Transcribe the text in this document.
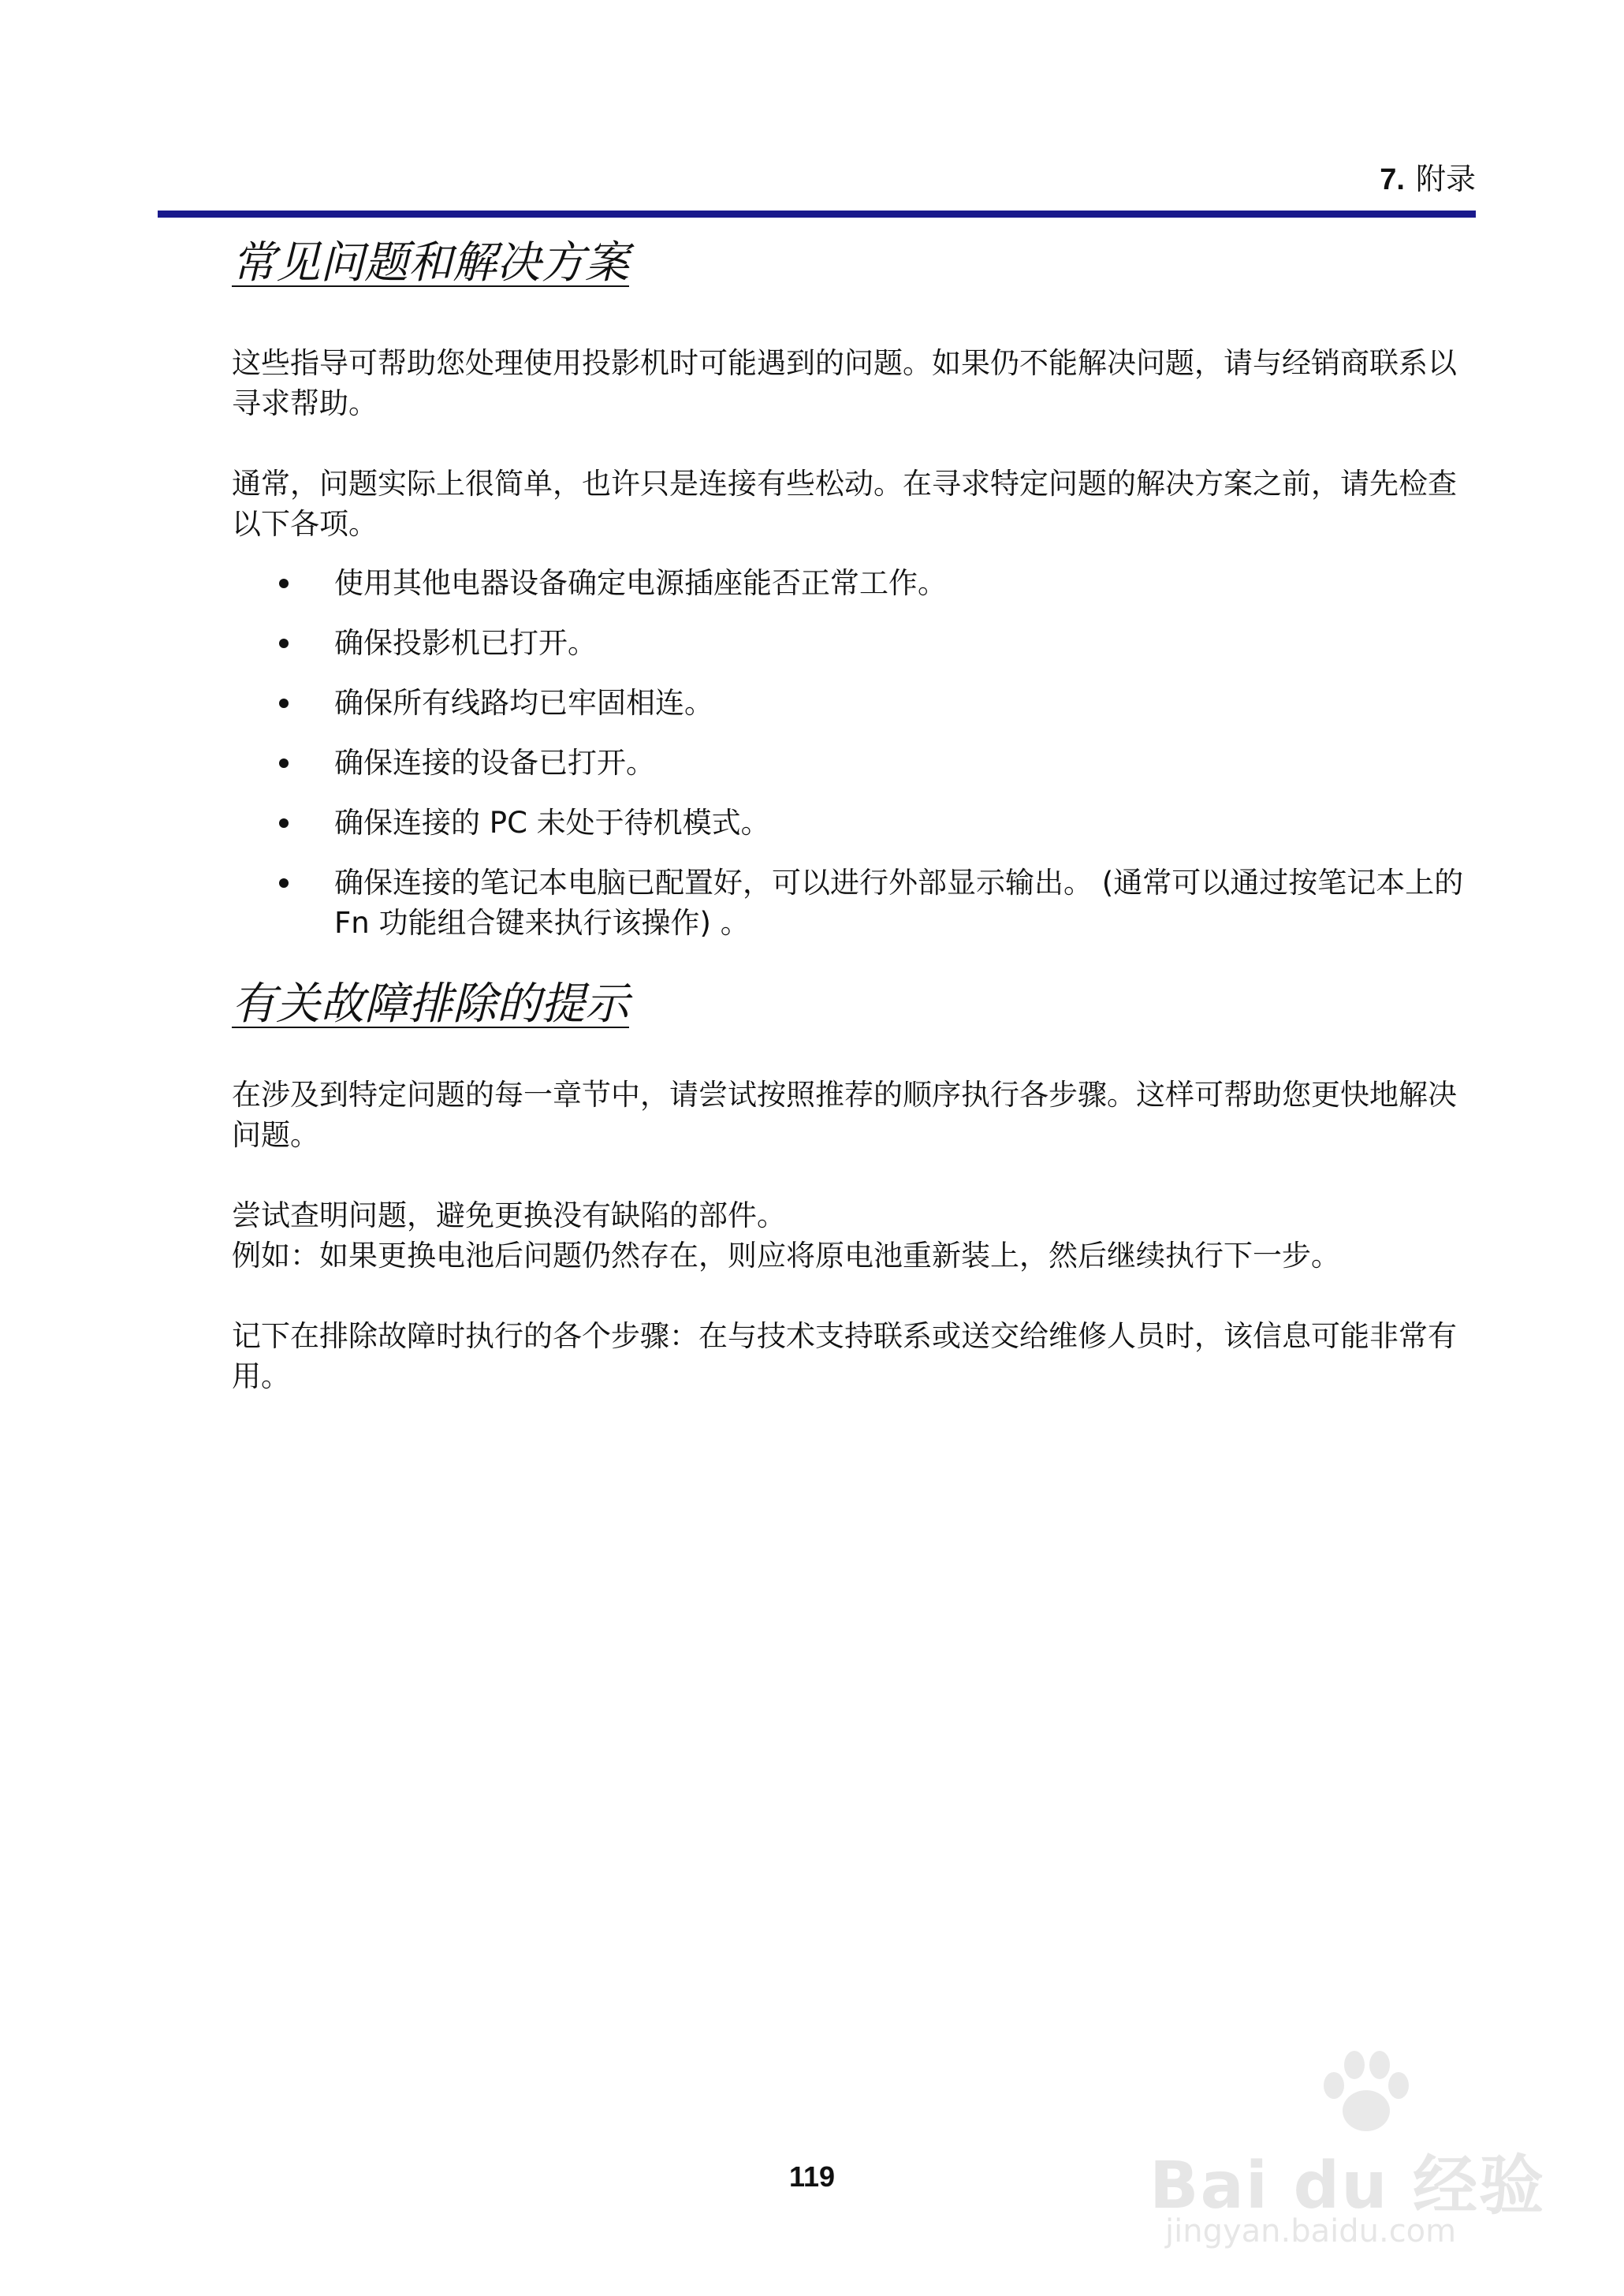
7. 附录
常见问题和解决方案

这些指导可帮助您处理使用投影机时可能遇到的问题。如果仍不能解决问题，请与经销商联系以寻求帮助。

通常，问题实际上很简单，也许只是连接有些松动。在寻求特定问题的解决方案之前，请先检查以下各项。

使用其他电器设备确定电源插座能否正常工作。
确保投影机已打开。
确保所有线路均已牢固相连。
确保连接的设备已打开。
确保连接的 PC 未处于待机模式。
确保连接的笔记本电脑已配置好，可以进行外部显示输出。 (通常可以通过按笔记本上的 Fn 功能组合键来执行该操作) 。
有关故障排除的提示

在涉及到特定问题的每一章节中，请尝试按照推荐的顺序执行各步骤。这样可帮助您更快地解决问题。

尝试查明问题，避免更换没有缺陷的部件。

例如：如果更换电池后问题仍然存在，则应将原电池重新装上，然后继续执行下一步。

记下在排除故障时执行的各个步骤：在与技术支持联系或送交给维修人员时，该信息可能非常有用。

119	Bai du 经验
jingyan.baidu.com
